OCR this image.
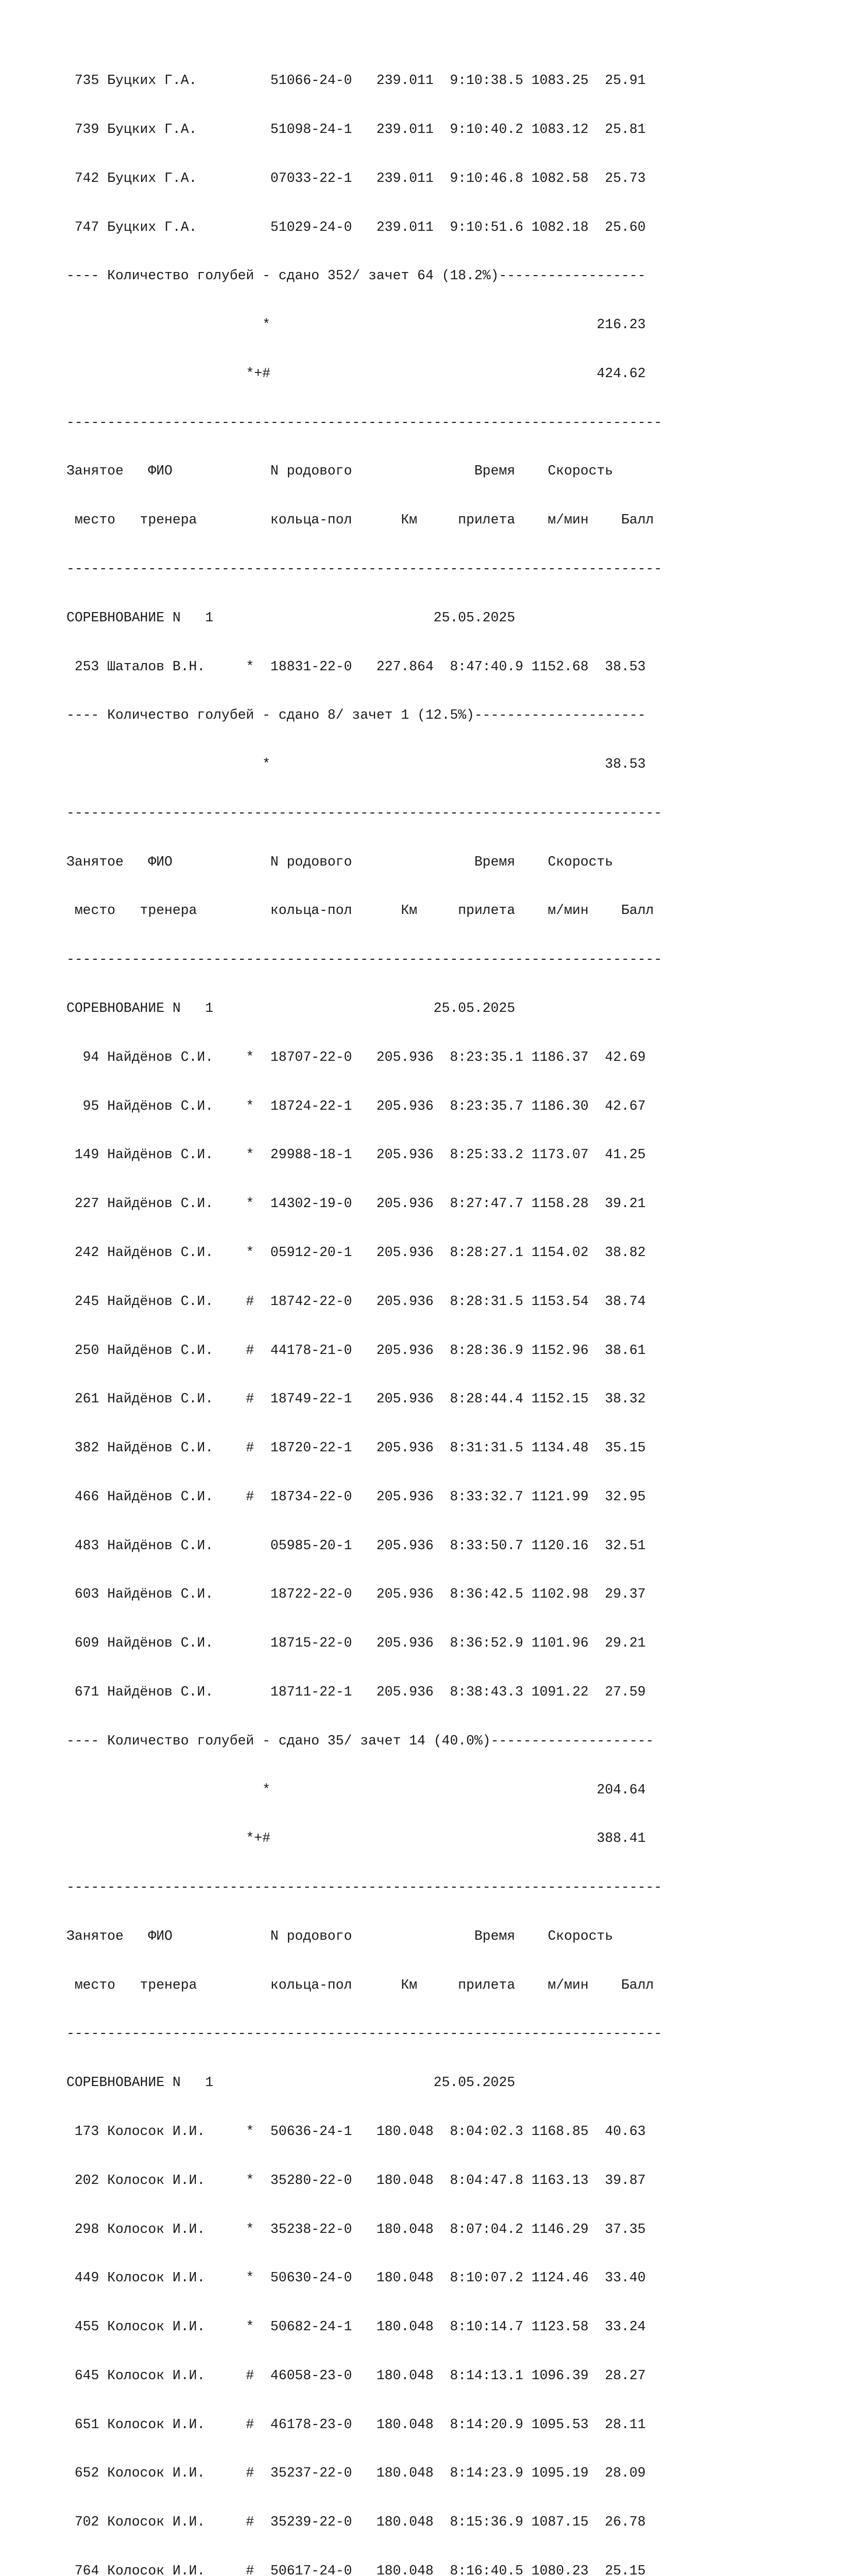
735 Буцких Г.А.         51066-24-0   239.011  9:10:38.5 1083.25  25.91

739 Буцких Г.А.         51098-24-1   239.011  9:10:40.2 1083.12  25.81

742 Буцких Г.А.         07033-22-1   239.011  9:10:46.8 1082.58  25.73

747 Буцких Г.А.         51029-24-0   239.011  9:10:51.6 1082.18  25.60

---- Количество голубей - сдано 352/ зачет 64 (18.2%)------------------

*                                        216.23

*+#                                        424.62

-------------------------------------------------------------------------

Занятое   ФИО            N родового               Время    Скорость

место   тренера         кольца-пол      Км     прилета    м/мин    Балл

-------------------------------------------------------------------------

СОРЕВНОВАНИЕ N   1                           25.05.2025

253 Шаталов В.Н.     *  18831-22-0   227.864  8:47:40.9 1152.68  38.53

---- Количество голубей - сдано 8/ зачет 1 (12.5%)---------------------

*                                         38.53

-------------------------------------------------------------------------

Занятое   ФИО            N родового               Время    Скорость

место   тренера         кольца-пол      Км     прилета    м/мин    Балл

-------------------------------------------------------------------------

СОРЕВНОВАНИЕ N   1                           25.05.2025

94 Найдёнов С.И.    *  18707-22-0   205.936  8:23:35.1 1186.37  42.69

95 Найдёнов С.И.    *  18724-22-1   205.936  8:23:35.7 1186.30  42.67

149 Найдёнов С.И.    *  29988-18-1   205.936  8:25:33.2 1173.07  41.25

227 Найдёнов С.И.    *  14302-19-0   205.936  8:27:47.7 1158.28  39.21

242 Найдёнов С.И.    *  05912-20-1   205.936  8:28:27.1 1154.02  38.82

245 Найдёнов С.И.    #  18742-22-0   205.936  8:28:31.5 1153.54  38.74

250 Найдёнов С.И.    #  44178-21-0   205.936  8:28:36.9 1152.96  38.61

261 Найдёнов С.И.    #  18749-22-1   205.936  8:28:44.4 1152.15  38.32

382 Найдёнов С.И.    #  18720-22-1   205.936  8:31:31.5 1134.48  35.15

466 Найдёнов С.И.    #  18734-22-0   205.936  8:33:32.7 1121.99  32.95

483 Найдёнов С.И.       05985-20-1   205.936  8:33:50.7 1120.16  32.51

603 Найдёнов С.И.       18722-22-0   205.936  8:36:42.5 1102.98  29.37

609 Найдёнов С.И.       18715-22-0   205.936  8:36:52.9 1101.96  29.21

671 Найдёнов С.И.       18711-22-1   205.936  8:38:43.3 1091.22  27.59

---- Количество голубей - сдано 35/ зачет 14 (40.0%)--------------------

*                                        204.64

*+#                                        388.41

-------------------------------------------------------------------------

Занятое   ФИО            N родового               Время    Скорость

место   тренера         кольца-пол      Км     прилета    м/мин    Балл

-------------------------------------------------------------------------

СОРЕВНОВАНИЕ N   1                           25.05.2025

173 Колосок И.И.     *  50636-24-1   180.048  8:04:02.3 1168.85  40.63

202 Колосок И.И.     *  35280-22-0   180.048  8:04:47.8 1163.13  39.87

298 Колосок И.И.     *  35238-22-0   180.048  8:07:04.2 1146.29  37.35

449 Колосок И.И.     *  50630-24-0   180.048  8:10:07.2 1124.46  33.40

455 Колосок И.И.     *  50682-24-1   180.048  8:10:14.7 1123.58  33.24

645 Колосок И.И.     #  46058-23-0   180.048  8:14:13.1 1096.39  28.27

651 Колосок И.И.     #  46178-23-0   180.048  8:14:20.9 1095.53  28.11

652 Колосок И.И.     #  35237-22-0   180.048  8:14:23.9 1095.19  28.09

702 Колосок И.И.     #  35239-22-0   180.048  8:15:36.9 1087.15  26.78

764 Колосок И.И.     #  50617-24-0   180.048  8:16:40.5 1080.23  25.15
